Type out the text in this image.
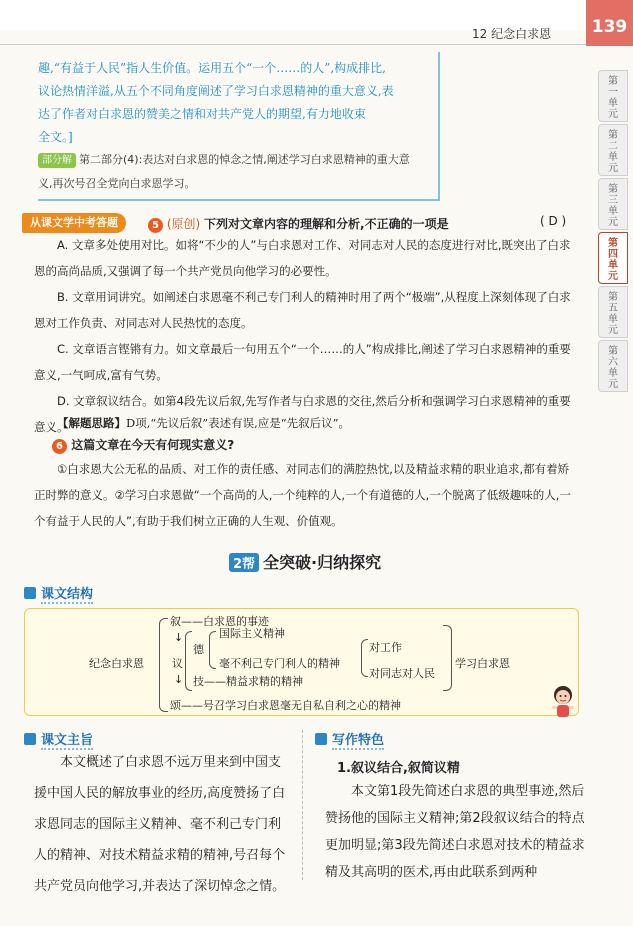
12 纪念白求恩	139
第一单元
第二单元
第三单元
第四单元
第五单元
第六单元
趣,“有益于人民”指人生价值。运用五个“一个……的人”,构成排比,
议论热情洋溢,从五个不同角度阐述了学习白求恩精神的重大意义,表
达了作者对白求恩的赞美之情和对共产党人的期望,有力地收束
全文。]
部分解 第二部分(4):表达对白求恩的悼念之情,阐述学习白求恩精神的重大意
义,再次号召全党向白求恩学习。
从课文学中考答题	5 (原创) 下列对文章内容的理解和分析,不正确的一项是	( D )

A. 文章多处使用对比。如将“不少的人”与白求恩对工作、对同志对人民的态度进行对比,既突出了白求恩的高尚品质,又强调了每一个共产党员向他学习的必要性。

B. 文章用词讲究。如阐述白求恩毫不利己专门利人的精神时用了两个“极端”,从程度上深刻体现了白求恩对工作负责、对同志对人民热忱的态度。

C. 文章语言铿锵有力。如文章最后一句用五个“一个……的人”构成排比,阐述了学习白求恩精神的重要意义,一气呵成,富有气势。

D. 文章叙议结合。如第4段先议后叙,先写作者与白求恩的交往,然后分析和强调学习白求恩精神的重要意义。

【解题思路】D项,“先议后叙”表述有误,应是“先叙后议”。
6 这篇文章在今天有何现实意义?

①白求恩大公无私的品质、对工作的责任感、对同志们的满腔热忱,以及精益求精的职业追求,都有着矫正时弊的意义。②学习白求恩做“一个高尚的人,一个纯粹的人,一个有道德的人,一个脱离了低级趣味的人,一个有益于人民的人”,有助于我们树立正确的人生观、价值观。

2帮 全突破·归纳探究
课文结构
纪念白求恩
叙——白求恩的事迹
↓
议
德
国际主义精神
毫不利己专门利人的精神
对工作
对同志对人民
学习白求恩
↓ 技——精益求精的精神
颂——号召学习白求恩毫无自私自利之心的精神
课文主旨
本文概述了白求恩不远万里来到中国支援中国人民的解放事业的经历,高度赞扬了白求恩同志的国际主义精神、毫不利己专门利人的精神、对技术精益求精的精神,号召每个共产党员向他学习,并表达了深切悼念之情。
写作特色
1.叙议结合,叙简议精
本文第1段先简述白求恩的典型事迹,然后赞扬他的国际主义精神;第2段叙议结合的特点更加明显;第3段先简述白求恩对技术的精益求精及其高明的医术,再由此联系到两种
